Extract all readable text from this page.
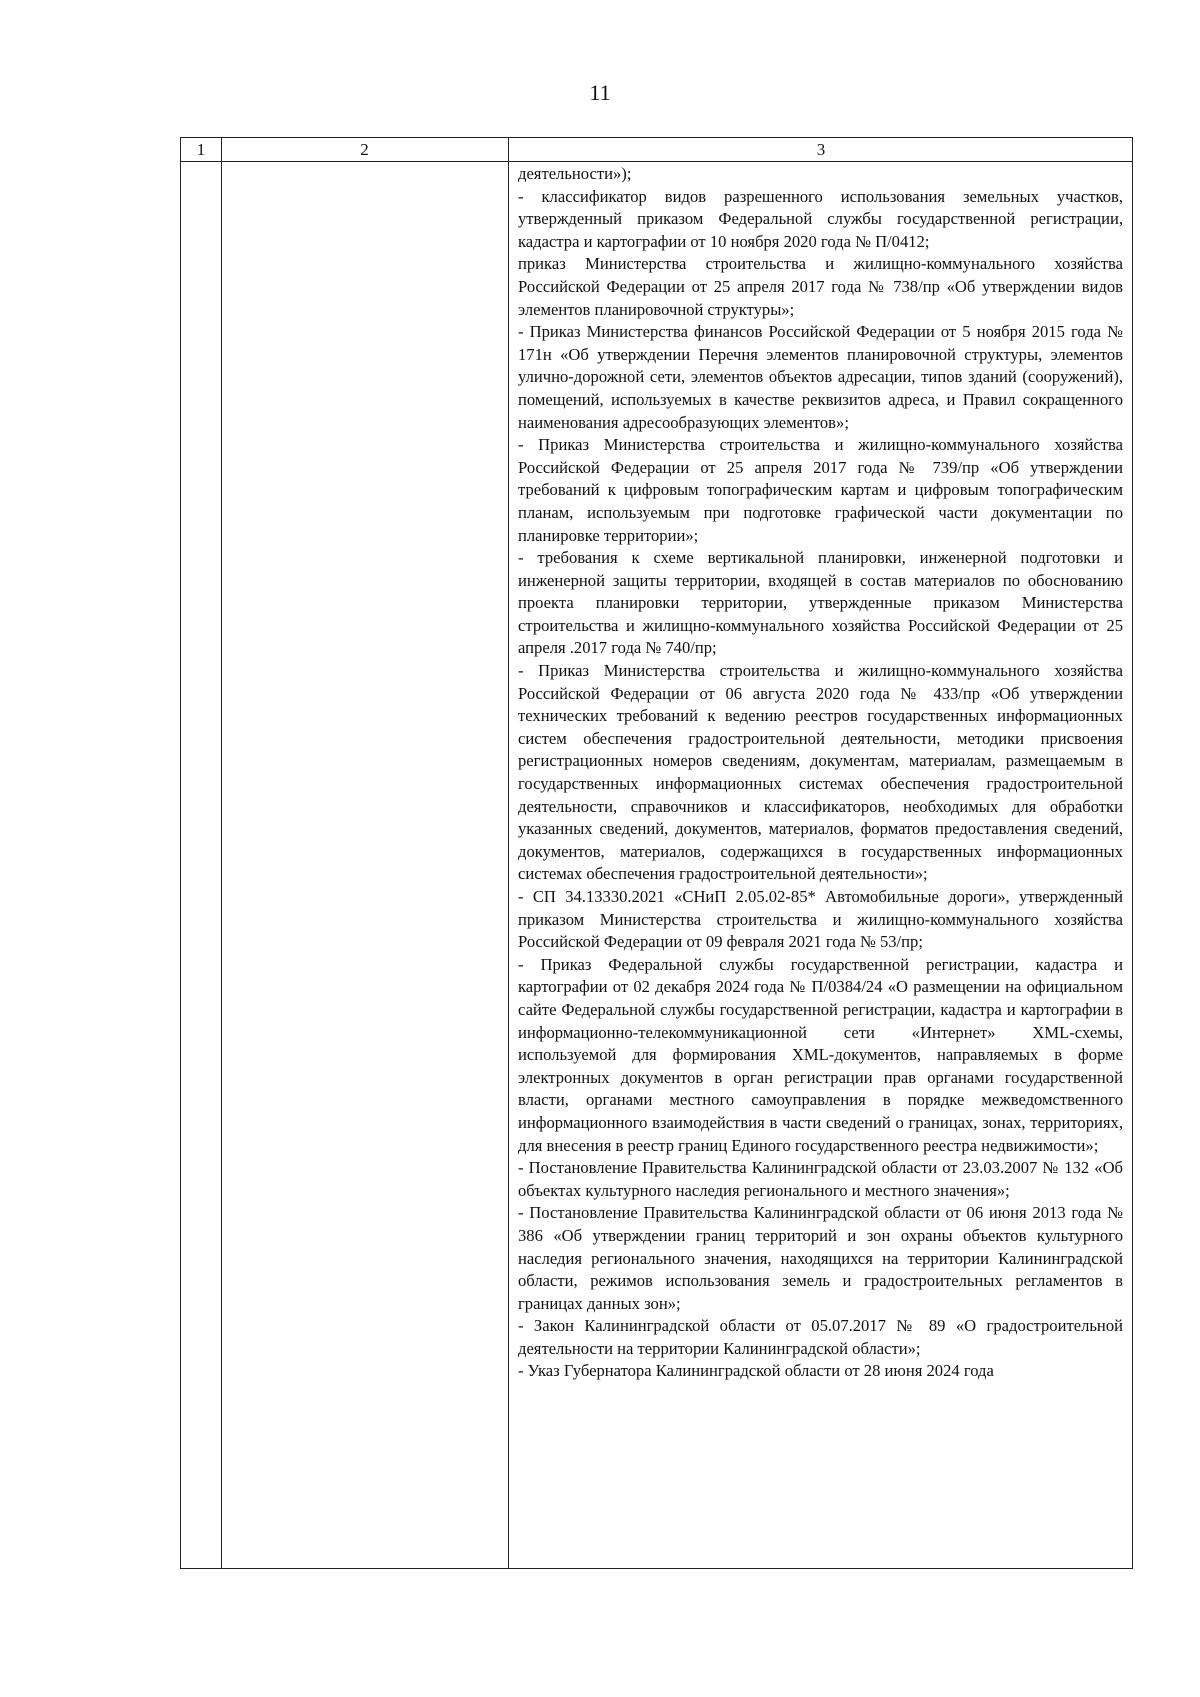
11
1	2	3

деятельности»);

- классификатор видов разрешенного использования земельных участков, утвержденный приказом Федеральной службы государственной регистрации, кадастра и картографии от 10 ноября 2020 года № П/0412;

приказ Министерства строительства и жилищно-коммунального хозяйства Российской Федерации от 25 апреля 2017 года № 738/пр «Об утверждении видов элементов планировочной структуры»;

- Приказ Министерства финансов Российской Федерации от 5 ноября 2015 года № 171н «Об утверждении Перечня элементов планировочной структуры, элементов улично-дорожной сети, элементов объектов адресации, типов зданий (сооружений), помещений, используемых в качестве реквизитов адреса, и Правил сокращенного наименования адресообразующих элементов»;

- Приказ Министерства строительства и жилищно-коммунального хозяйства Российской Федерации от 25 апреля 2017 года № 739/пр «Об утверждении требований к цифровым топографическим картам и цифровым топографическим планам, используемым при подготовке графической части документации по планировке территории»;

- требования к схеме вертикальной планировки, инженерной подготовки и инженерной защиты территории, входящей в состав материалов по обоснованию проекта планировки территории, утвержденные приказом Министерства строительства и жилищно-коммунального хозяйства Российской Федерации от 25 апреля .2017 года № 740/пр;

- Приказ Министерства строительства и жилищно-коммунального хозяйства Российской Федерации от 06 августа 2020 года № 433/пр «Об утверждении технических требований к ведению реестров государственных информационных систем обеспечения градостроительной деятельности, методики присвоения регистрационных номеров сведениям, документам, материалам, размещаемым в государственных информационных системах обеспечения градостроительной деятельности, справочников и классификаторов, необходимых для обработки указанных сведений, документов, материалов, форматов предоставления сведений, документов, материалов, содержащихся в государственных информационных системах обеспечения градостроительной деятельности»;

- СП 34.13330.2021 «СНиП 2.05.02-85* Автомобильные дороги», утвержденный приказом Министерства строительства и жилищно-коммунального хозяйства Российской Федерации от 09 февраля 2021 года № 53/пр;

- Приказ Федеральной службы государственной регистрации, кадастра и картографии от 02 декабря 2024 года № П/0384/24 «О размещении на официальном сайте Федеральной службы государственной регистрации, кадастра и картографии в информационно-телекоммуникационной сети «Интернет» XML-схемы, используемой для формирования XML-документов, направляемых в форме электронных документов в орган регистрации прав органами государственной власти, органами местного самоуправления в порядке межведомственного информационного взаимодействия в части сведений о границах, зонах, территориях, для внесения в реестр границ Единого государственного реестра недвижимости»;

- Постановление Правительства Калининградской области от 23.03.2007 № 132 «Об объектах культурного наследия регионального и местного значения»;

- Постановление Правительства Калининградской области от 06 июня 2013 года № 386 «Об утверждении границ территорий и зон охраны объектов культурного наследия регионального значения, находящихся на территории Калининградской области, режимов использования земель и градостроительных регламентов в границах данных зон»;

- Закон Калининградской области от 05.07.2017 № 89 «О градостроительной деятельности на территории Калининградской области»;

- Указ Губернатора Калининградской области от 28 июня 2024 года
